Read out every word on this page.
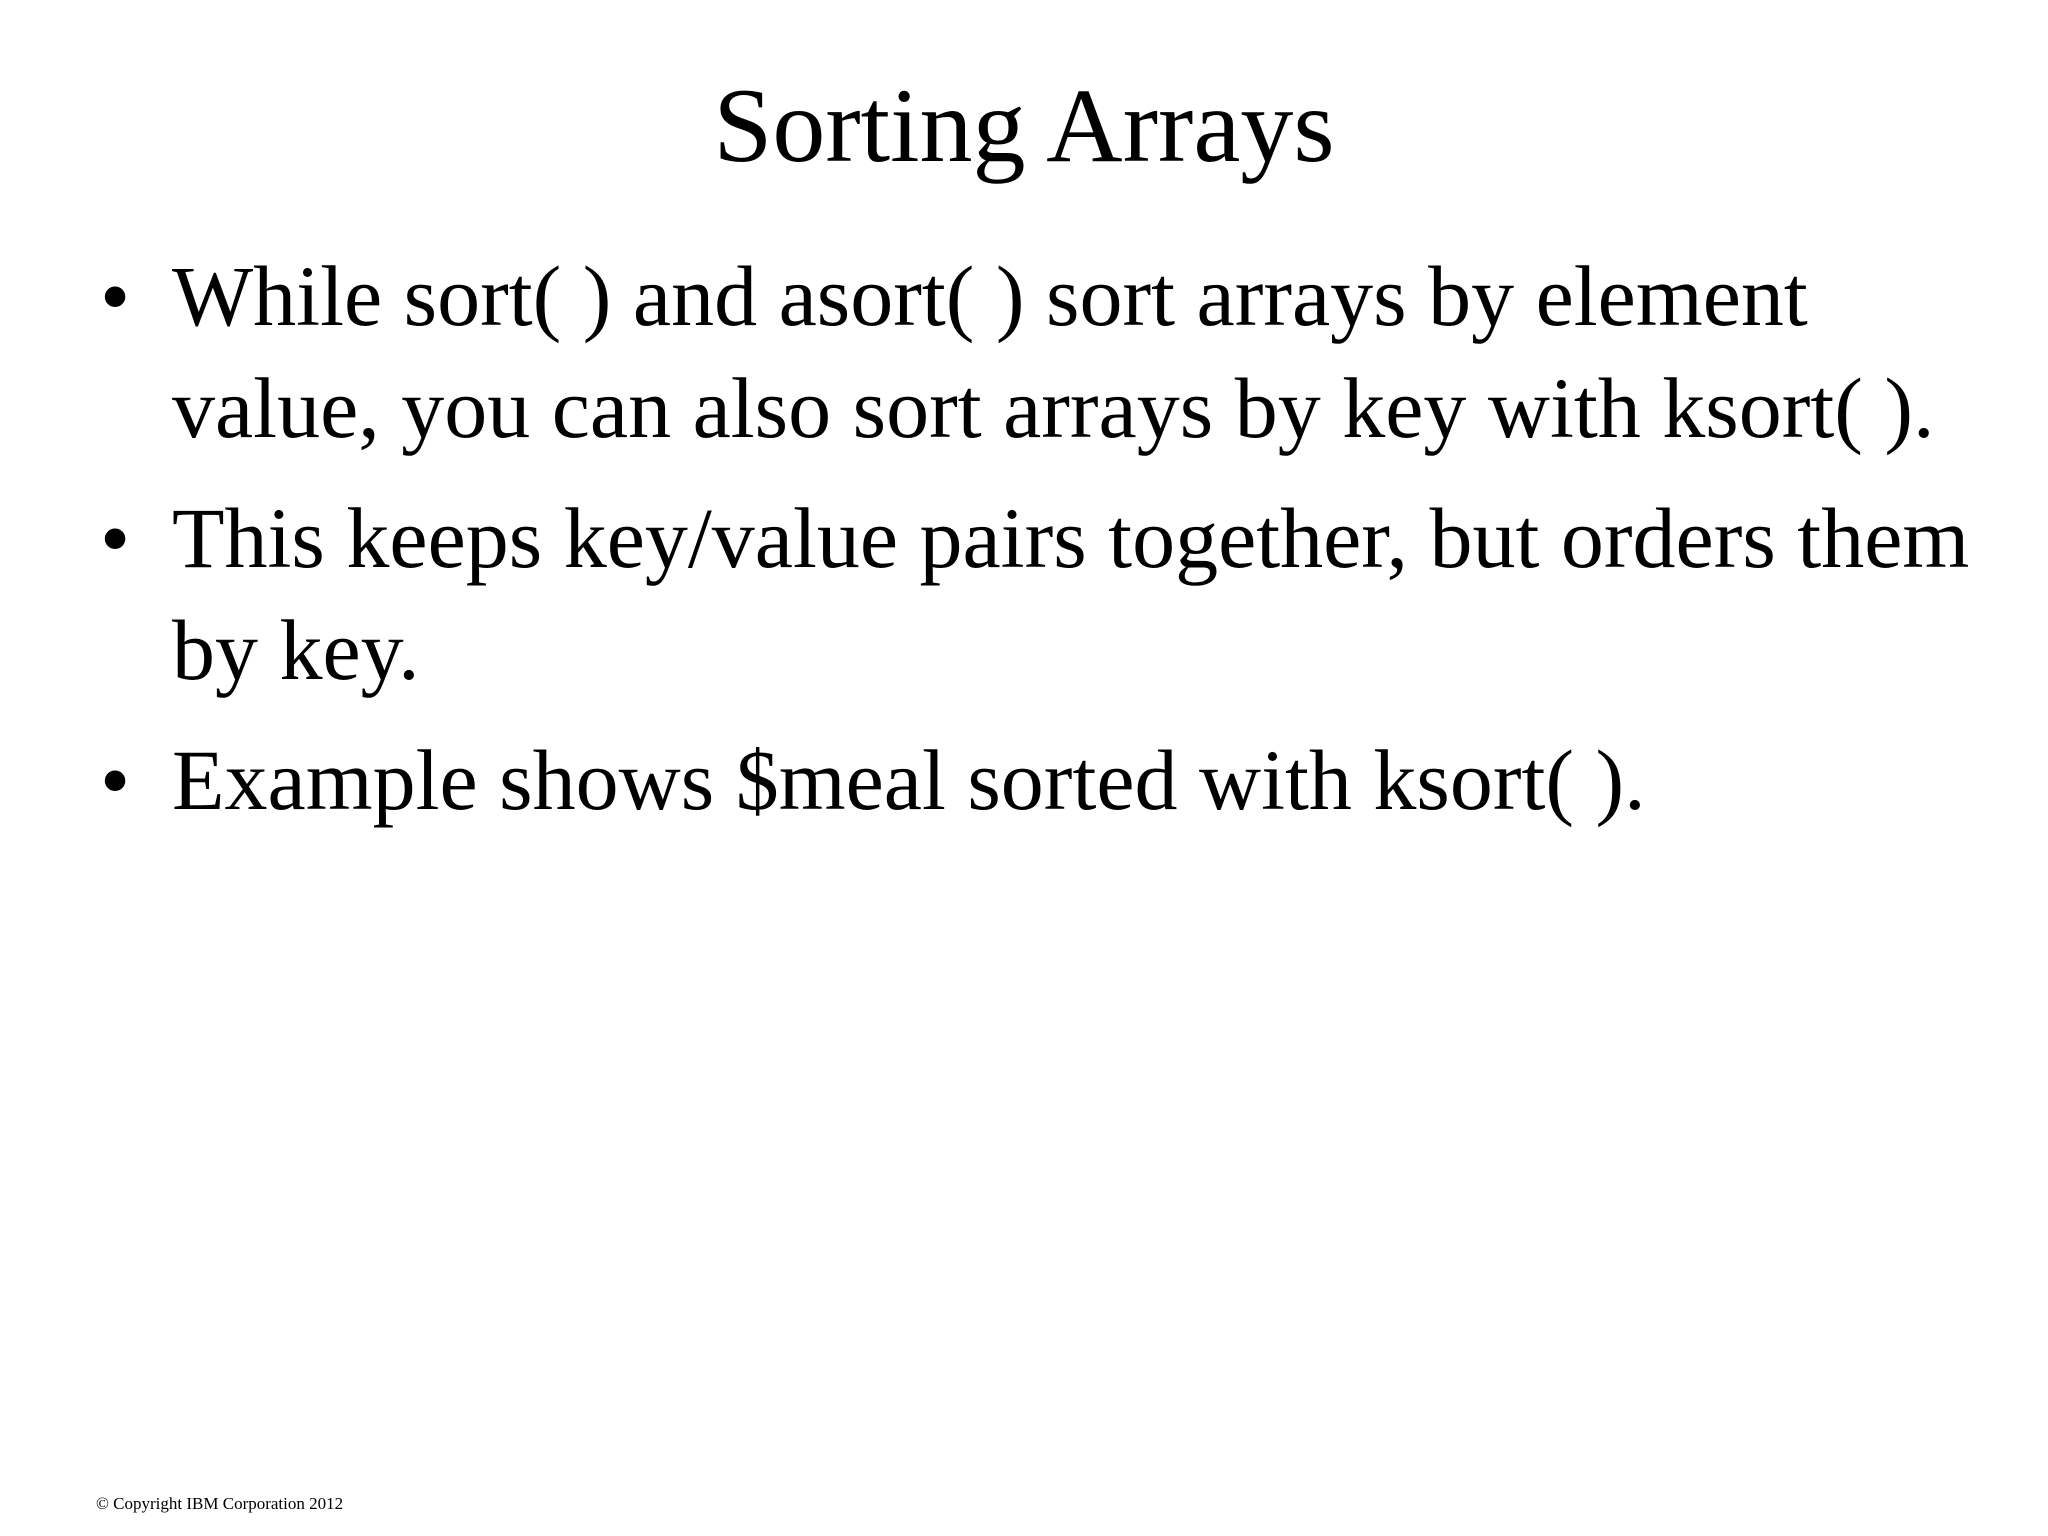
Sorting Arrays
• While sort( ) and asort( ) sort arrays by element value, you can also sort arrays by key with ksort( ).
• This keeps key/value pairs together, but orders them by key.
• Example shows $meal sorted with ksort( ).
© Copyright IBM Corporation 2012
